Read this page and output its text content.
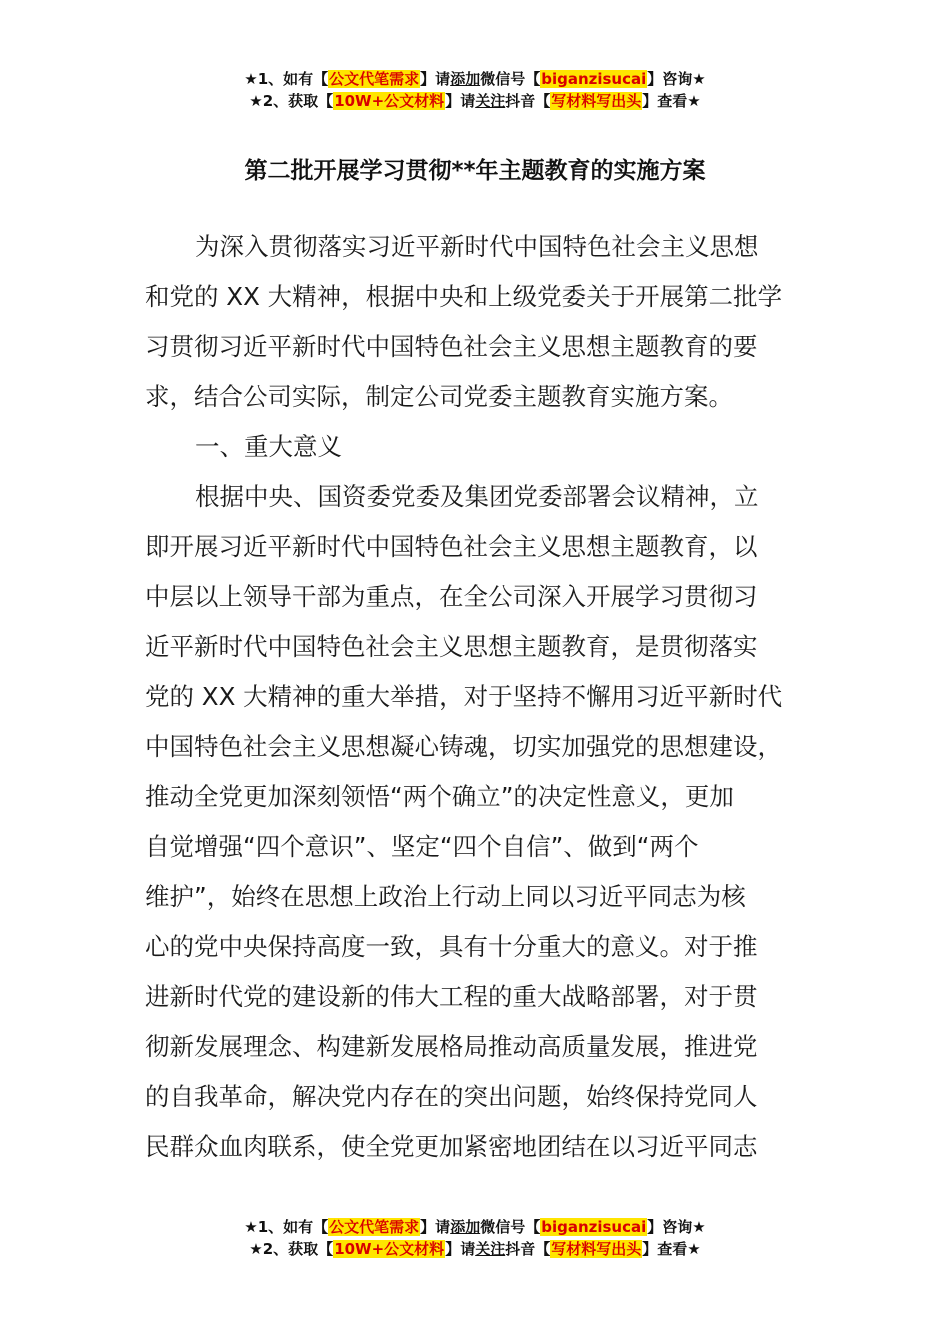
★1、如有【公文代笔需求】请添加微信号【biganzisucai】咨询★
★2、获取【10W+公文材料】请关注抖音【写材料写出头】查看★
第二批开展学习贯彻**年主题教育的实施方案
为深入贯彻落实习近平新时代中国特色社会主义思想
和党的 XX 大精神，根据中央和上级党委关于开展第二批学
习贯彻习近平新时代中国特色社会主义思想主题教育的要
求，结合公司实际，制定公司党委主题教育实施方案。
一、重大意义
根据中央、国资委党委及集团党委部署会议精神，立
即开展习近平新时代中国特色社会主义思想主题教育，以
中层以上领导干部为重点，在全公司深入开展学习贯彻习
近平新时代中国特色社会主义思想主题教育，是贯彻落实
党的 XX 大精神的重大举措，对于坚持不懈用习近平新时代
中国特色社会主义思想凝心铸魂，切实加强党的思想建设，
推动全党更加深刻领悟“两个确立”的决定性意义，更加
自觉增强“四个意识”、坚定“四个自信”、做到“两个
维护”，始终在思想上政治上行动上同以习近平同志为核
心的党中央保持高度一致，具有十分重大的意义。对于推
进新时代党的建设新的伟大工程的重大战略部署，对于贯
彻新发展理念、构建新发展格局推动高质量发展，推进党
的自我革命，解决党内存在的突出问题，始终保持党同人
民群众血肉联系，使全党更加紧密地团结在以习近平同志
★1、如有【公文代笔需求】请添加微信号【biganzisucai】咨询★
★2、获取【10W+公文材料】请关注抖音【写材料写出头】查看★
